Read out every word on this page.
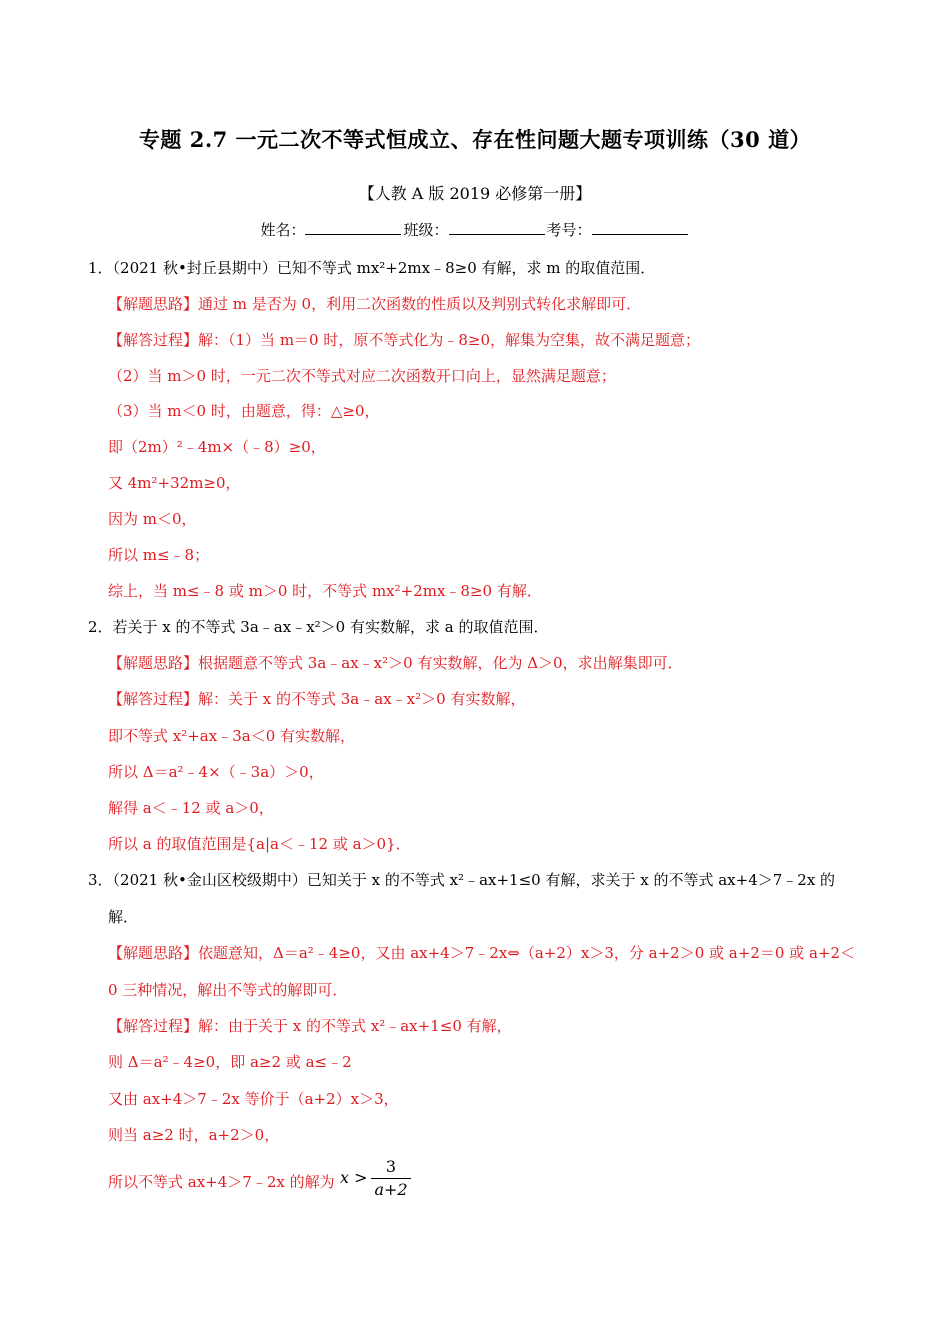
专题 2.7 一元二次不等式恒成立、存在性问题大题专项训练（30 道）
【人教 A 版 2019 必修第一册】
姓名：	班级：	考号：
1．（2021 秋•封丘县期中）已知不等式 mx²+2mx﹣8≥0 有解，求 m 的取值范围．
【解题思路】通过 m 是否为 0，利用二次函数的性质以及判别式转化求解即可．
【解答过程】解：（1）当 m＝0 时，原不等式化为﹣8≥0，解集为空集，故不满足题意；
（2）当 m＞0 时，一元二次不等式对应二次函数开口向上，显然满足题意；
（3）当 m＜0 时，由题意，得：△≥0，
即（2m）²﹣4m×（﹣8）≥0，
又 4m²+32m≥0，
因为 m＜0，
所以 m≤﹣8；
综上，当 m≤﹣8 或 m＞0 时，不等式 mx²+2mx﹣8≥0 有解．
2．若关于 x 的不等式 3a﹣ax﹣x²＞0 有实数解，求 a 的取值范围．
【解题思路】根据题意不等式 3a﹣ax﹣x²＞0 有实数解，化为 Δ＞0，求出解集即可．
【解答过程】解：关于 x 的不等式 3a﹣ax﹣x²＞0 有实数解，
即不等式 x²+ax﹣3a＜0 有实数解，
所以 Δ＝a²﹣4×（﹣3a）＞0，
解得 a＜﹣12 或 a＞0，
所以 a 的取值范围是{a|a＜﹣12 或 a＞0}．
3．（2021 秋•金山区校级期中）已知关于 x 的不等式 x²﹣ax+1≤0 有解，求关于 x 的不等式 ax+4＞7﹣2x 的
解．
【解题思路】依题意知，Δ＝a²﹣4≥0，又由 ax+4＞7﹣2x⇔（a+2）x＞3，分 a+2＞0 或 a+2＝0 或 a+2＜
0 三种情况，解出不等式的解即可．
【解答过程】解：由于关于 x 的不等式 x²﹣ax+1≤0 有解，
则 Δ＝a²﹣4≥0，即 a≥2 或 a≤﹣2
又由 ax+4＞7﹣2x 等价于（a+2）x＞3，
则当 a≥2 时，a+2＞0，
所以不等式 ax+4＞7﹣2x 的解为 x >
3
a+2
